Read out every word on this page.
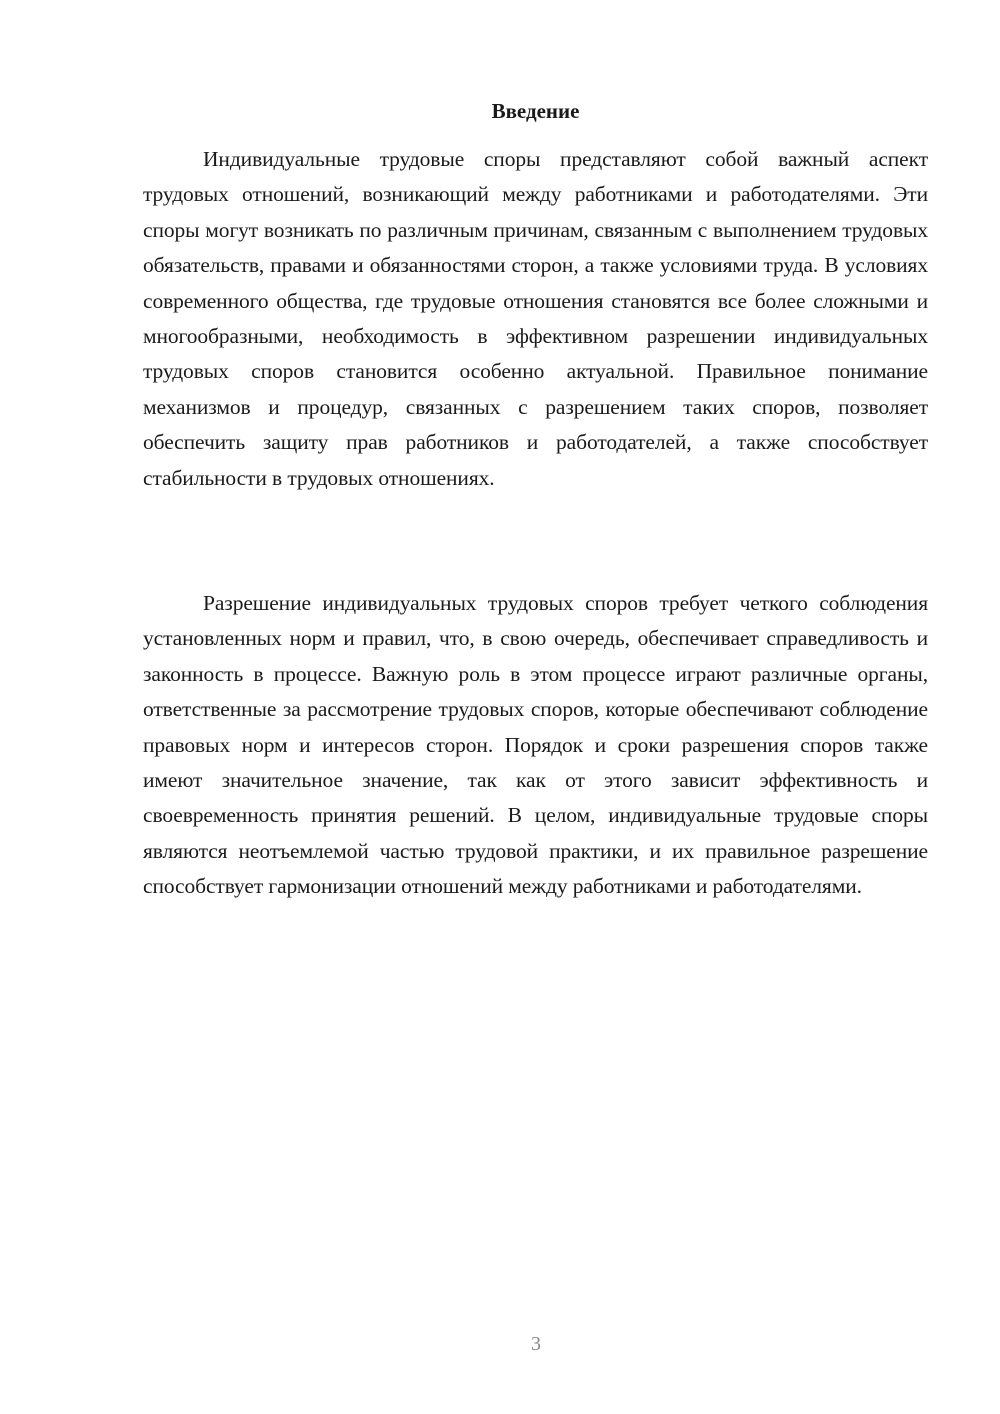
Введение

Индивидуальные трудовые споры представляют собой важный аспект трудовых отношений, возникающий между работниками и работодателями. Эти споры могут возникать по различным причинам, связанным с выполнением трудовых обязательств, правами и обязанностями сторон, а также условиями труда. В условиях современного общества, где трудовые отношения становятся все более сложными и многообразными, необходимость в эффективном разрешении индивидуальных трудовых споров становится особенно актуальной. Правильное понимание механизмов и процедур, связанных с разрешением таких споров, позволяет обеспечить защиту прав работников и работодателей, а также способствует стабильности в трудовых отношениях.

Разрешение индивидуальных трудовых споров требует четкого соблюдения установленных норм и правил, что, в свою очередь, обеспечивает справедливость и законность в процессе. Важную роль в этом процессе играют различные органы, ответственные за рассмотрение трудовых споров, которые обеспечивают соблюдение правовых норм и интересов сторон. Порядок и сроки разрешения споров также имеют значительное значение, так как от этого зависит эффективность и своевременность принятия решений. В целом, индивидуальные трудовые споры являются неотъемлемой частью трудовой практики, и их правильное разрешение способствует гармонизации отношений между работниками и работодателями.

3
